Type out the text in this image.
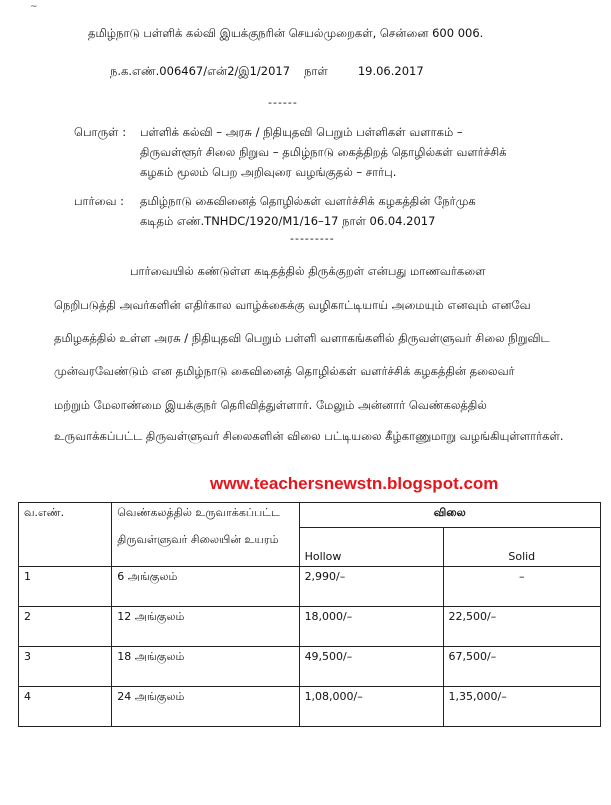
~
தமிழ்நாடு பள்ளிக் கல்வி இயக்குநரின் செயல்முறைகள், சென்னை 600 006.
ந.க.எண்.006467/என்2/இ1/2017 நாள்	19.06.2017
------
பொருள் : பள்ளிக் கல்வி – அரசு / நிதியுதவி பெறும் பள்ளிகள் வளாகம் –
திருவள்ளூர் சிலை நிறுவ – தமிழ்நாடு கைத்திறத் தொழில்கள் வளர்ச்சிக்
கழகம் மூலம் பெற அறிவுரை வழங்குதல் – சார்பு.
பார்வை : தமிழ்நாடு கைவினைத் தொழில்கள் வளர்ச்சிக் கழகத்தின் நேர்முக
கடிதம் எண்.TNHDC/1920/M1/16–17 நாள் 06.04.2017
---------
பார்வையில் கண்டுள்ள கடிதத்தில் திருக்குறள் என்பது மாணவர்களை
நெறிபடுத்தி அவர்களின் எதிர்கால வாழ்க்கைக்கு வழிகாட்டியாய் அமையும் எனவும் எனவே
தமிழகத்தில் உள்ள அரசு / நிதியுதவி பெறும் பள்ளி வளாகங்களில் திருவள்ளுவர் சிலை நிறுவிட
முன்வரவேண்டும் என தமிழ்நாடு கைவினைத் தொழில்கள் வளர்ச்சிக் கழகத்தின் தலைவர்
மற்றும் மேலாண்மை இயக்குநர் தெரிவித்துள்ளார். மேலும் அன்னார் வெண்கலத்தில்
உருவாக்கப்பட்ட திருவள்ளுவர் சிலைகளின் விலை பட்டியலை கீழ்காணுமாறு வழங்கியுள்ளார்கள்.
www.teachersnewstn.blogspot.com
வ.எண்.	வெண்கலத்தில் உருவாக்கப்பட்ட
திருவள்ளுவர் சிலையின் உயரம்	விலை	
		Hollow	Solid
1	6 அங்குலம்	2,990/–	–
2	12 அங்குலம்	18,000/–	22,500/–
3	18 அங்குலம்	49,500/–	67,500/–
4	24 அங்குலம்	1,08,000/–	1,35,000/–
